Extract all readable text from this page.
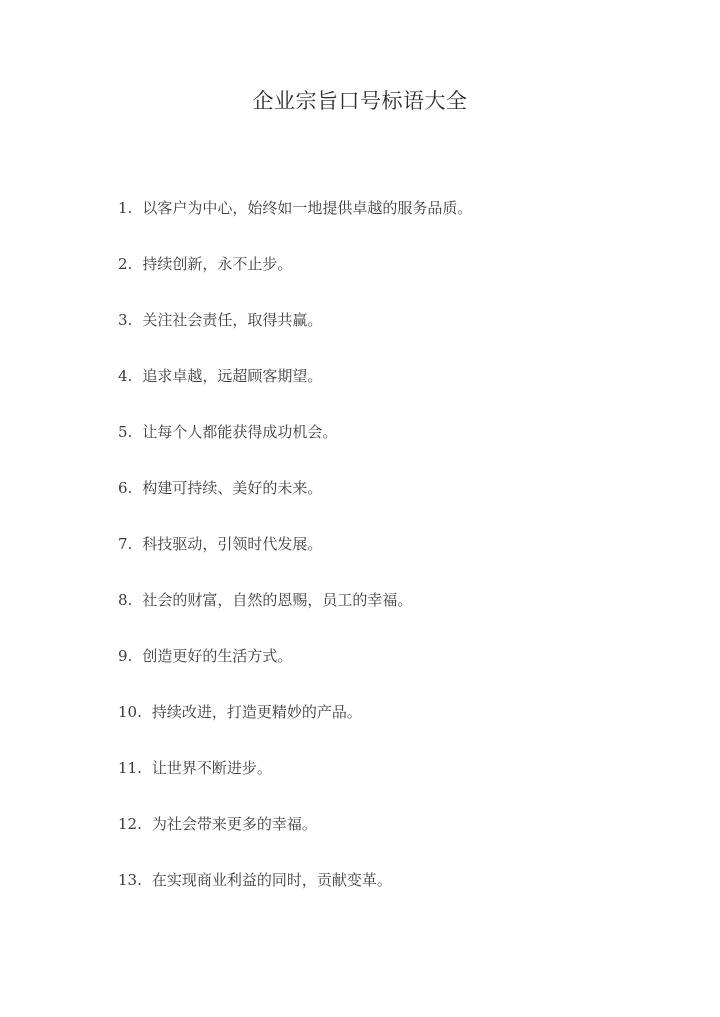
企业宗旨口号标语大全
1. 以客户为中心，始终如一地提供卓越的服务品质。
2. 持续创新，永不止步。
3. 关注社会责任，取得共赢。
4. 追求卓越，远超顾客期望。
5. 让每个人都能获得成功机会。
6. 构建可持续、美好的未来。
7. 科技驱动，引领时代发展。
8. 社会的财富，自然的恩赐，员工的幸福。
9. 创造更好的生活方式。
10. 持续改进，打造更精妙的产品。
11. 让世界不断进步。
12. 为社会带来更多的幸福。
13. 在实现商业利益的同时，贡献变革。
